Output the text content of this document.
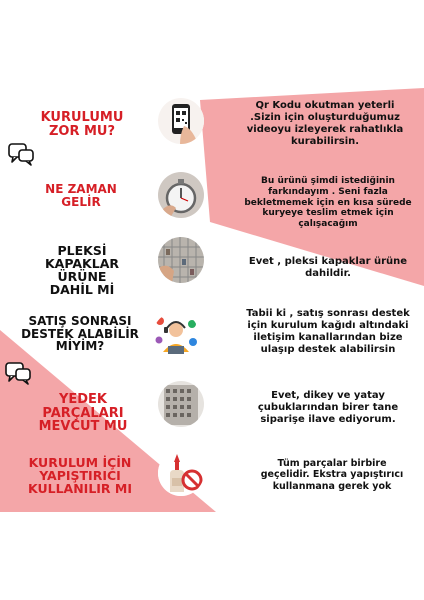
KURULUMU ZOR MU?
Qr Kodu okutman yeterli .Sizin için oluşturduğumuz videoyu izleyerek rahatlıkla kurabilirsin.
NE ZAMAN GELİR
Bu ürünü şimdi istediğinin farkındayım . Seni fazla bekletmemek için en kısa sürede kuryeye teslim etmek için çalışacağım
PLEKSİ KAPAKLAR ÜRÜNE DAHİL Mİ
Evet , pleksi kapaklar ürüne dahildir.
SATIŞ SONRASI DESTEK ALABİLİR MİYİM?
Tabii ki , satış sonrası destek için kurulum kağıdı altındaki iletişim kanallarından bize ulaşıp destek alabilirsin
YEDEK PARÇALARI MEVCUT MU
Evet, dikey ve yatay çubuklarından birer tane siparişe ilave ediyorum.
KURULUM İÇİN YAPIŞTIRICI KULLANILIR MI
Tüm parçalar birbire geçelidir. Ekstra yapıştırıcı kullanmana gerek yok
